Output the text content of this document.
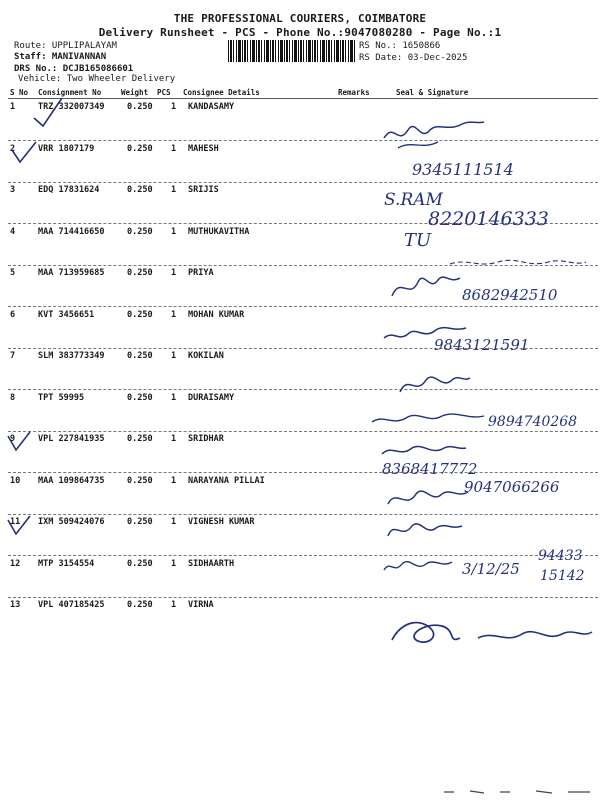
THE PROFESSIONAL COURIERS, COIMBATORE
Delivery Runsheet - PCS - Phone No.:9047080280 - Page No.:1
Route: UPPLIPALAYAM
Staff: MANIVANNAN
DRS No.: DCJB165086601
Vehicle: Two Wheeler Delivery
RS No.: 1650866
RS Date: 03-Dec-2025
S No Consignment No	Weight PCS Consignee Details	Remarks	Seal & Signature
1	TRZ 332007349	0.250 1 KANDASAMY
2	VRR 1807179	0.250 1 MAHESH
3	EDQ 17831624	0.250 1 SRIJIS
4	MAA 714416650	0.250 1 MUTHUKAVITHA
5	MAA 713959685	0.250 1 PRIYA
6	KVT 3456651	0.250 1 MOHAN KUMAR
7	SLM 383773349	0.250 1 KOKILAN
8	TPT 59995	0.250 1 DURAISAMY
9	VPL 227841935	0.250 1 SRIDHAR
10 MAA 109864735	0.250 1 NARAYANA PILLAI
11 IXM 509424076	0.250 1 VIGNESH KUMAR
12 MTP 3154554	0.250 1 SIDHAARTH
13 VPL 407185425	0.250 1 VIRNA
9345111514
S.RAM
8220146333
TU
8682942510
9843121591
9894740268
8368417772
9047066266
3/12/25
94433
15142
